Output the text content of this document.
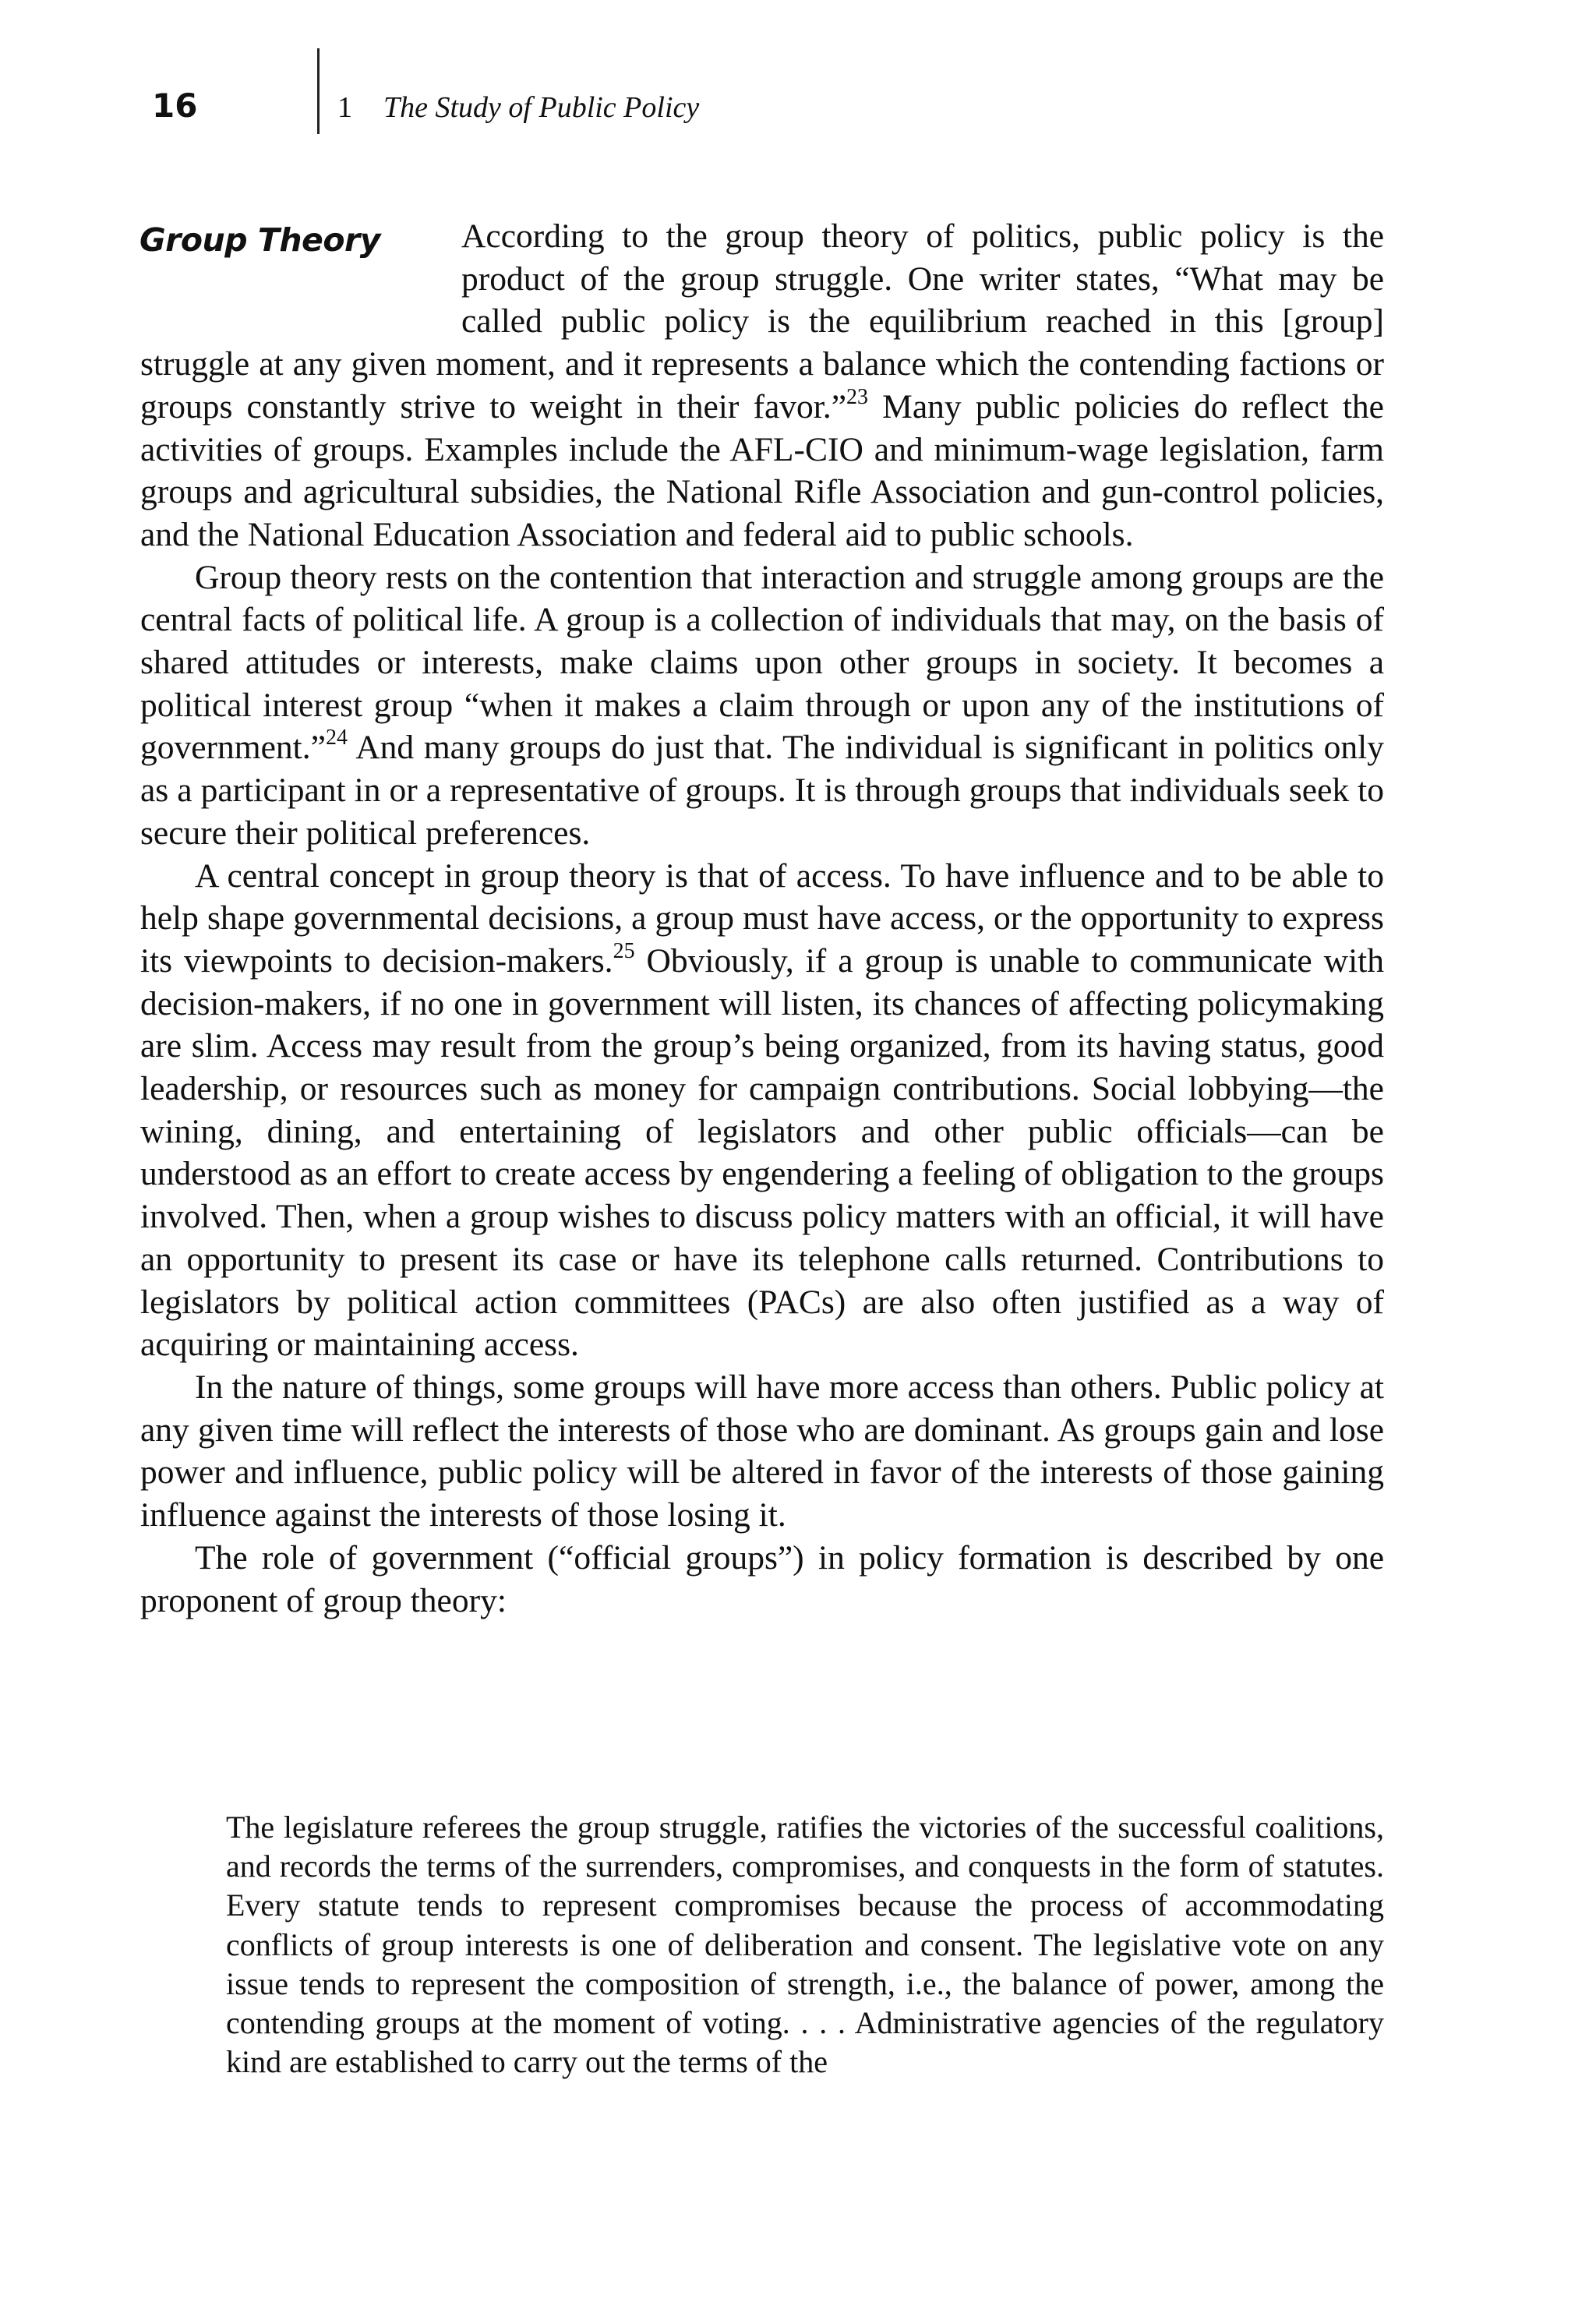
16	1 The Study of Public Policy
Group Theory	According to the group theory of politics, public policy is the product of the group struggle. One writer states, “What may be called public policy is the equilibrium reached in this [group] struggle at any given moment, and it represents a balance which the contending factions or groups constantly strive to weight in their favor.”$^{23}$ Many public policies do reflect the activities of groups. Examples include the AFL-CIO and minimum-wage legislation, farm groups and agricultural subsidies, the National Rifle Association and gun-control policies, and the National Education Association and federal aid to public schools.

Group theory rests on the contention that interaction and struggle among groups are the central facts of political life. A group is a collection of individuals that may, on the basis of shared attitudes or interests, make claims upon other groups in society. It becomes a political interest group “when it makes a claim through or upon any of the institutions of government.”$^{24}$ And many groups do just that. The individual is significant in politics only as a participant in or a representative of groups. It is through groups that individuals seek to secure their political preferences.

A central concept in group theory is that of access. To have influence and to be able to help shape governmental decisions, a group must have access, or the opportunity to express its viewpoints to decision-makers.$^{25}$ Obviously, if a group is unable to communicate with decision-makers, if no one in government will listen, its chances of affecting policymaking are slim. Access may result from the group’s being organized, from its having status, good leadership, or resources such as money for campaign contributions. Social lobbying—the wining, dining, and entertaining of legislators and other public officials—can be understood as an effort to create access by engendering a feeling of obligation to the groups involved. Then, when a group wishes to discuss policy matters with an official, it will have an opportunity to present its case or have its telephone calls returned. Contributions to legislators by political action committees (PACs) are also often justified as a way of acquiring or maintaining access.

In the nature of things, some groups will have more access than others. Public policy at any given time will reflect the interests of those who are dominant. As groups gain and lose power and influence, public policy will be altered in favor of the interests of those gaining influence against the interests of those losing it.

The role of government (“official groups”) in policy formation is described by one proponent of group theory:

The legislature referees the group struggle, ratifies the victories of the successful coalitions, and records the terms of the surrenders, compromises, and conquests in the form of statutes. Every statute tends to represent compromises because the process of accommodating conflicts of group interests is one of deliberation and consent. The legislative vote on any issue tends to represent the composition of strength, i.e., the balance of power, among the contending groups at the moment of voting. . . . Administrative agencies of the regulatory kind are established to carry out the terms of the
